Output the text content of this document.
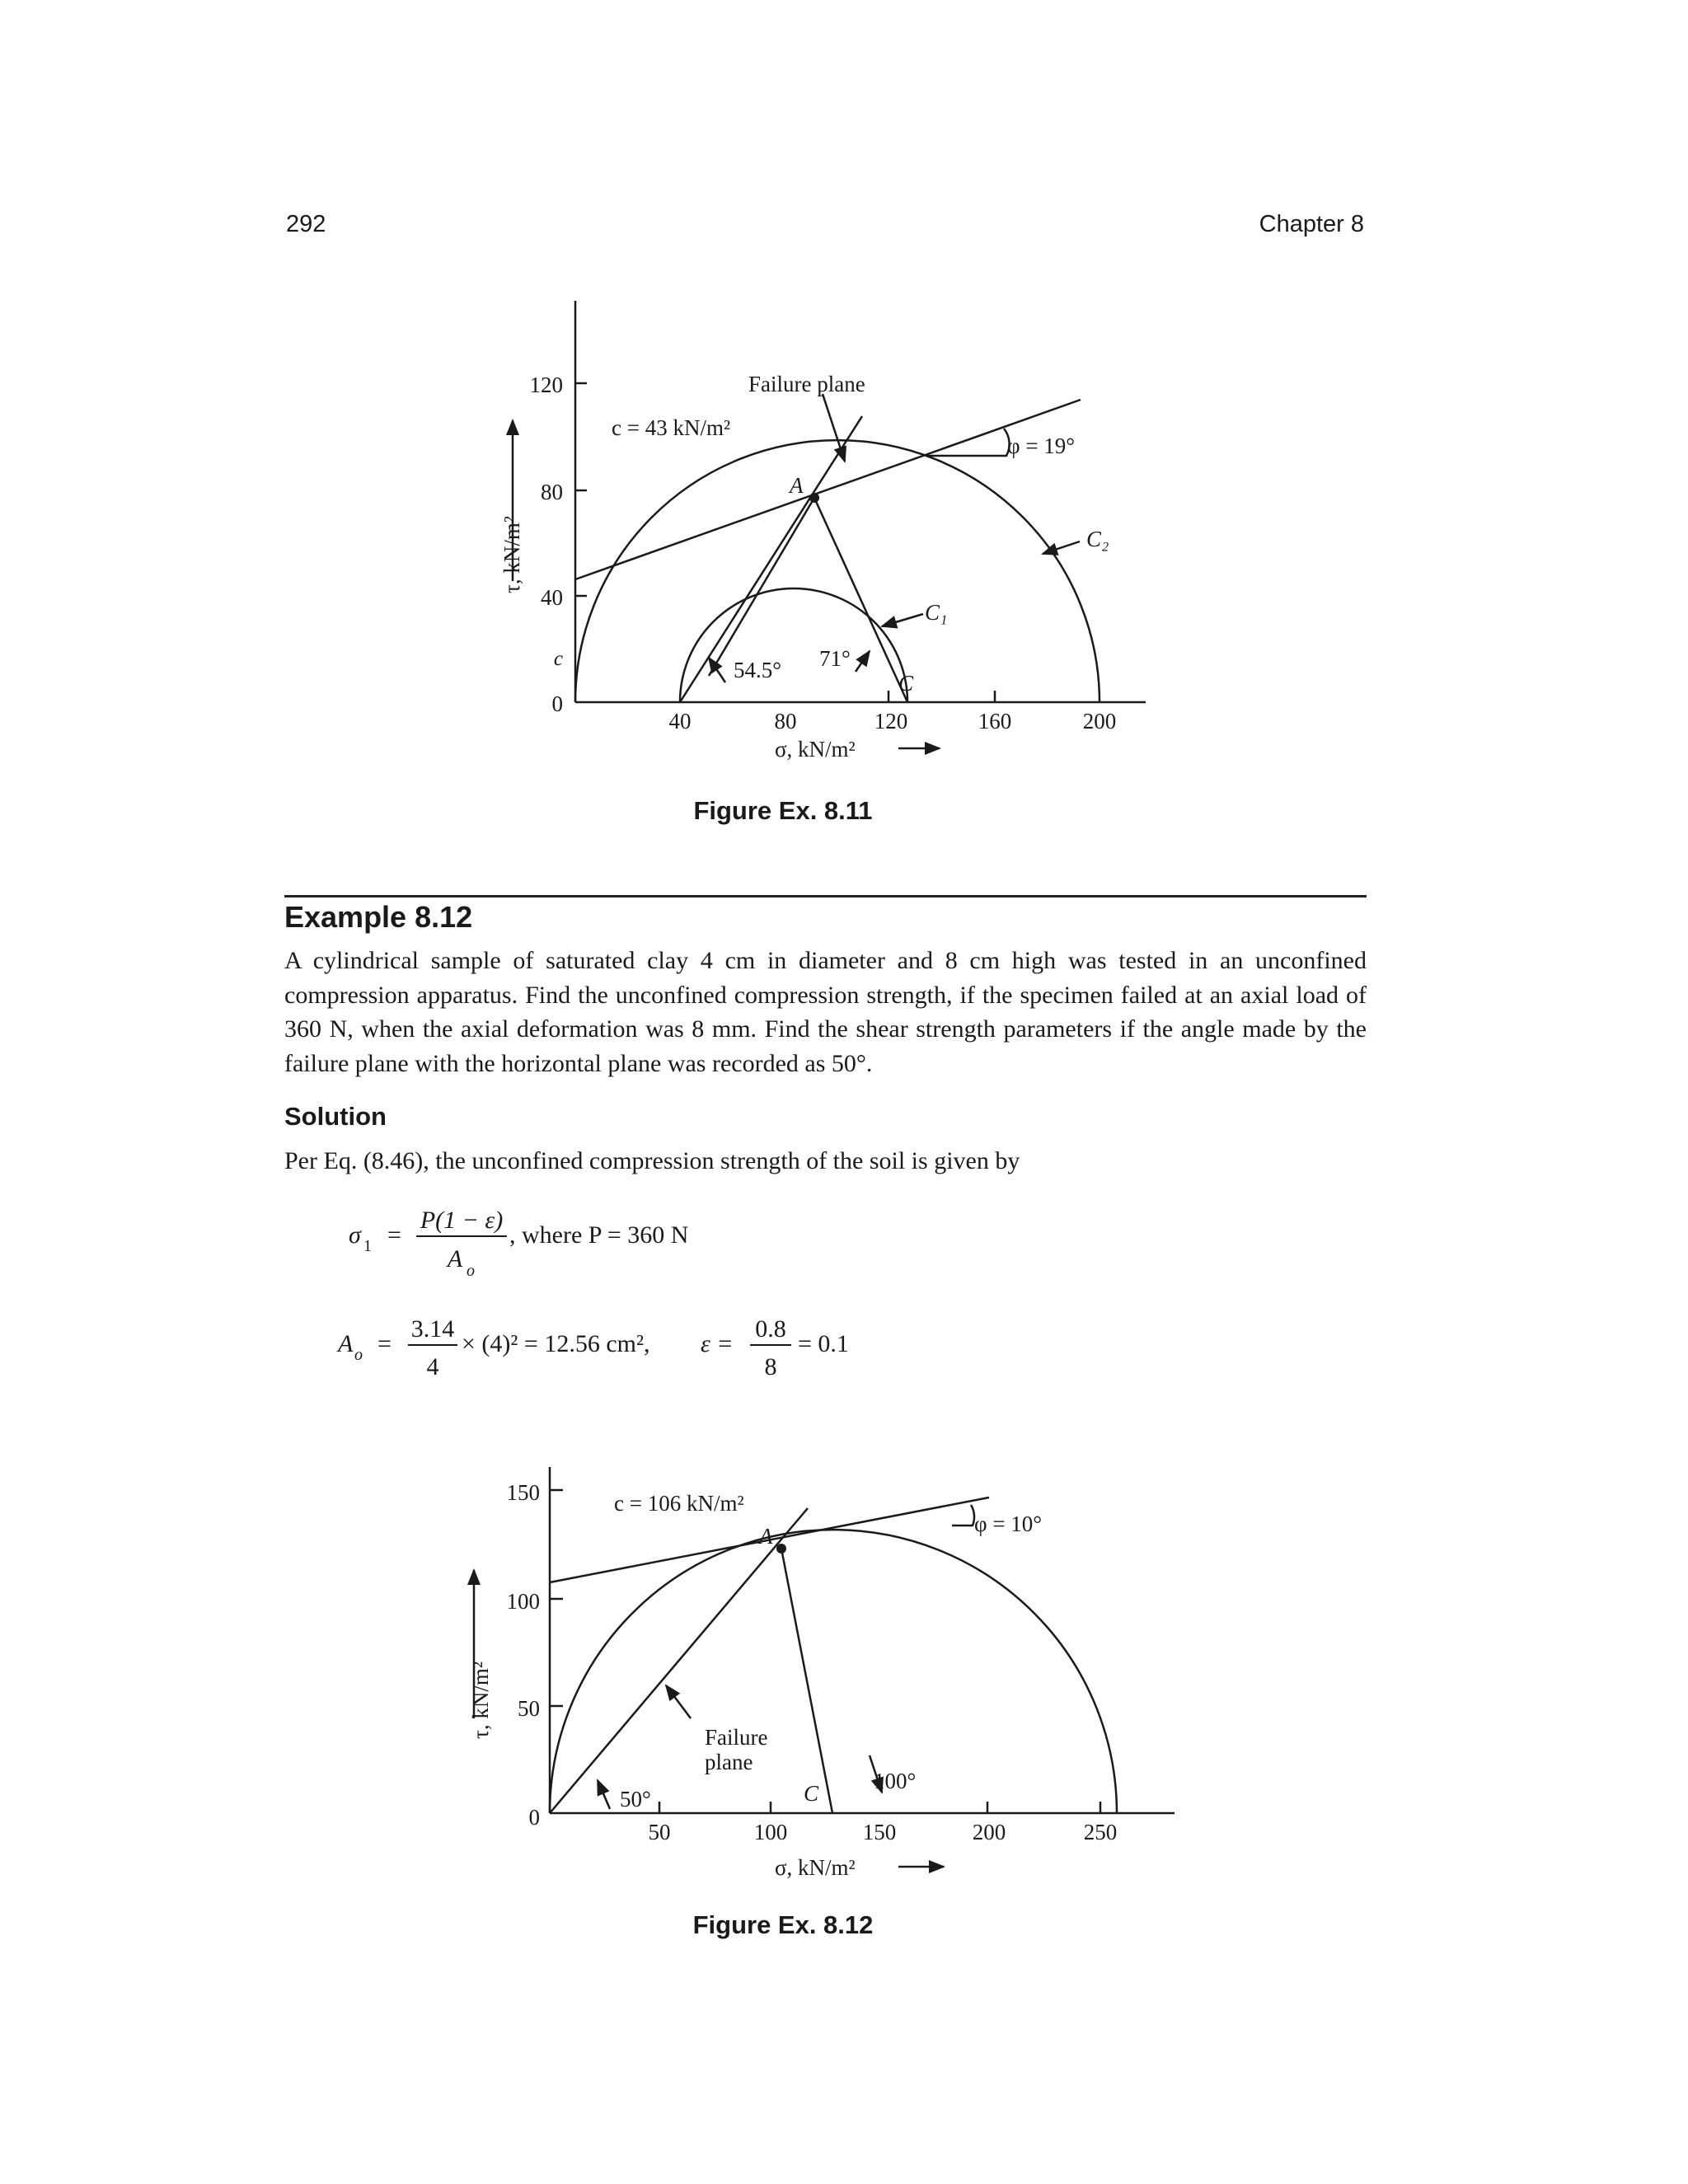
292	Chapter 8
120
80
40
c
0
40	80	120	160	200
σ, kN/m²
τ, kN/m²
c = 43 kN/m²
Failure plane
φ = 19°
A
C
C₁
C₂
54.5° 71°
Figure Ex. 8.11
Example 8.12
A cylindrical sample of saturated clay 4 cm in diameter and 8 cm high was tested in an unconfined compression apparatus. Find the unconfined compression strength, if the specimen failed at an axial load of 360 N, when the axial deformation was 8 mm. Find the shear strength parameters if the angle made by the failure plane with the horizontal plane was recorded as 50°.
Solution
Per Eq. (8.46), the unconfined compression strength of the soil is given by
σ 1 =
P(1 − ε)
A o
, where P = 360 N
A o =
3.14
4
× (4)² = 12.56 cm², ε =
0.8
8
= 0.1
150
100
50
0
50	100	150	200	250
σ, kN/m²
τ, kN/m²
c = 106 kN/m²
φ = 10°
A
C
Failure
plane
50°
100°
Figure Ex. 8.12
